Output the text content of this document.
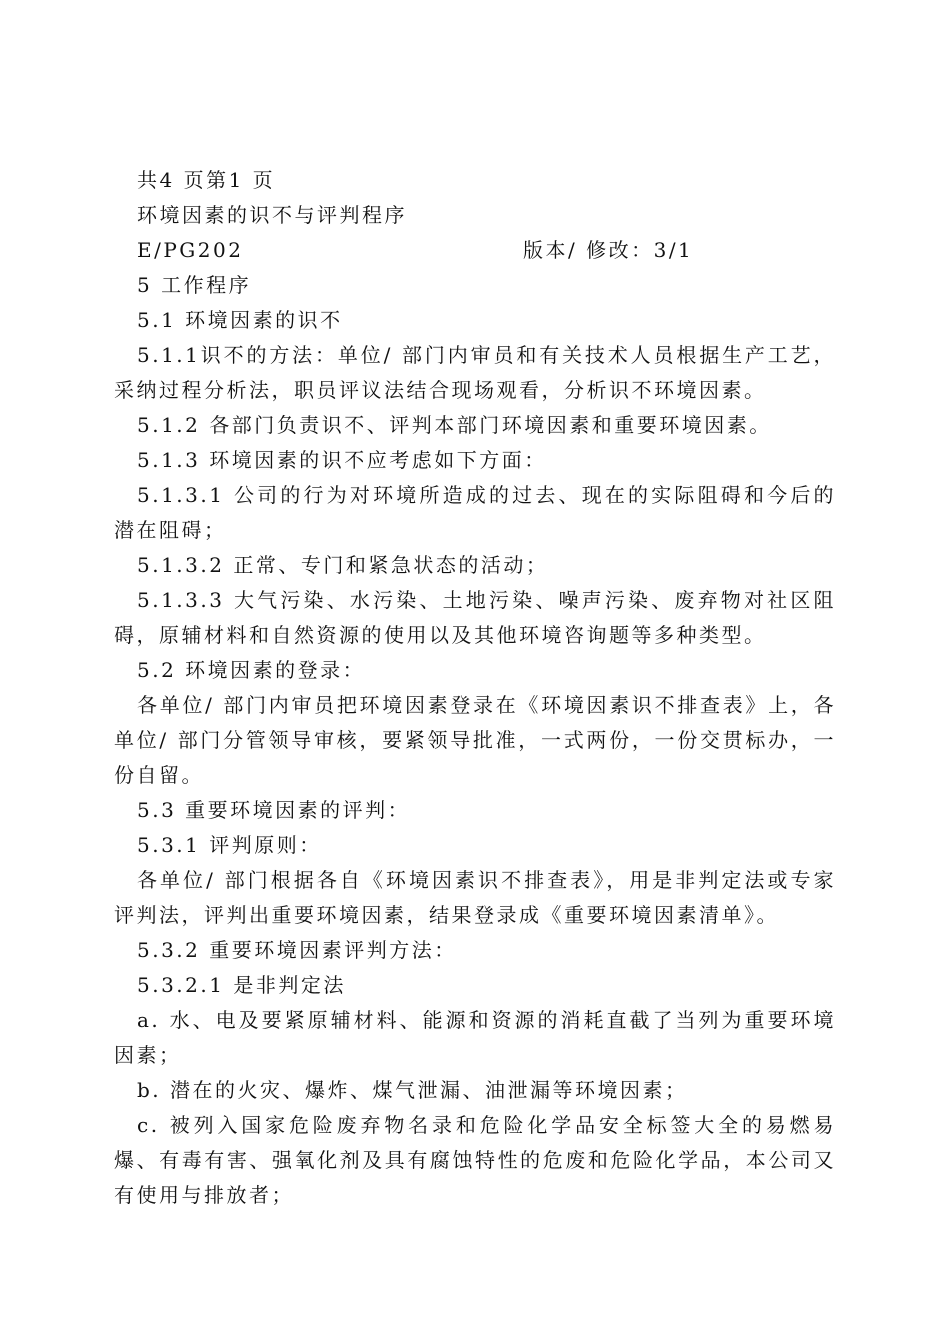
共4 页第1 页

环境因素的识不与评判程序

E/PG202	版本/ 修改：3/1

5 工作程序

5.1 环境因素的识不

5.1.1识不的方法：单位/ 部门内审员和有关技术人员根据生产工艺，采纳过程分析法，职员评议法结合现场观看，分析识不环境因素。

5.1.2 各部门负责识不、评判本部门环境因素和重要环境因素。

5.1.3 环境因素的识不应考虑如下方面：

5.1.3.1 公司的行为对环境所造成的过去、现在的实际阻碍和今后的潜在阻碍；

5.1.3.2 正常、专门和紧急状态的活动；

5.1.3.3 大气污染、水污染、土地污染、噪声污染、废弃物对社区阻碍，原辅材料和自然资源的使用以及其他环境咨询题等多种类型。

5.2 环境因素的登录：

各单位/ 部门内审员把环境因素登录在《环境因素识不排查表》上，各单位/ 部门分管领导审核，要紧领导批准，一式两份，一份交贯标办，一份自留。

5.3 重要环境因素的评判：

5.3.1 评判原则：

各单位/ 部门根据各自《环境因素识不排查表》，用是非判定法或专家评判法，评判出重要环境因素，结果登录成《重要环境因素清单》。

5.3.2 重要环境因素评判方法：

5.3.2.1 是非判定法

a. 水、电及要紧原辅材料、能源和资源的消耗直截了当列为重要环境因素；

b. 潜在的火灾、爆炸、煤气泄漏、油泄漏等环境因素；

c. 被列入国家危险废弃物名录和危险化学品安全标签大全的易燃易爆、有毒有害、强氧化剂及具有腐蚀特性的危废和危险化学品，本公司又有使用与排放者；
